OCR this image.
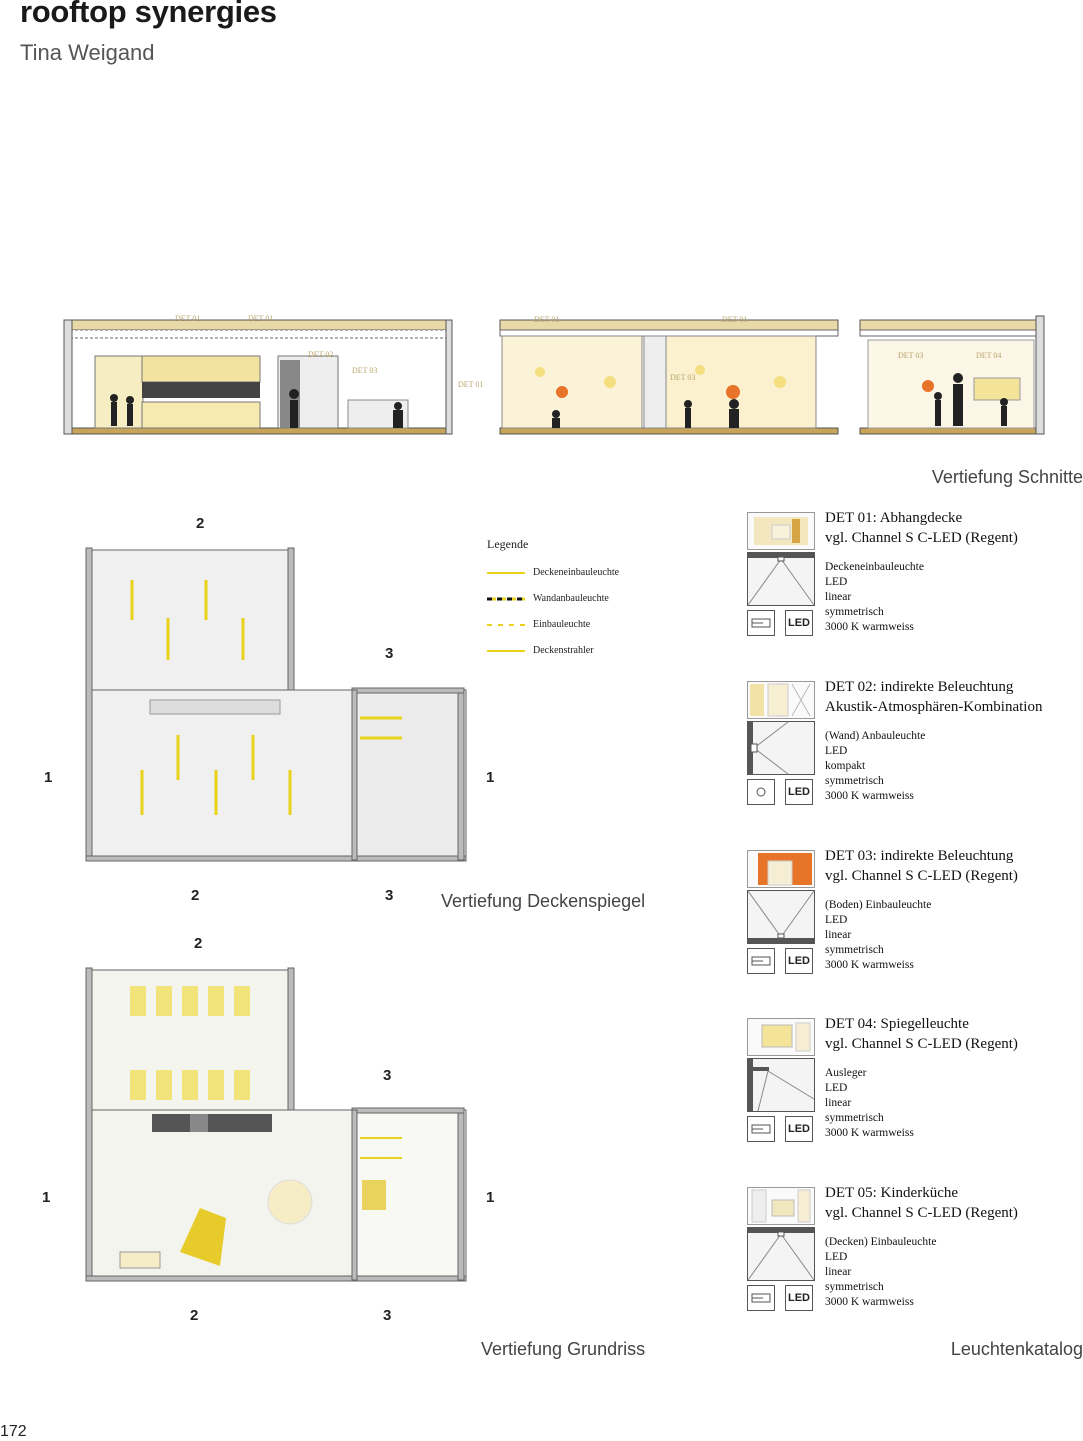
rooftop synergies
Tina Weigand
DET 01	DET 01
DET 02
DET 03
DET 01
DET 01	DET 01
DET 03
DET 03	DET 04
Vertiefung Schnitte
2
3
1	1
2	3	Vertiefung Deckenspiegel
Legende
Deckeneinbauleuchte
Wandanbauleuchte
Einbauleuchte
Deckenstrahler
2
3
1	1
2	3
Vertiefung Grundriss
LED
DET 01: Abhangdecke
vgl. Channel S C-LED (Regent)
Deckeneinbauleuchte
LED
linear
symmetrisch
3000 K warmweiss
LED
DET 02: indirekte Beleuchtung
Akustik-Atmosphären-Kombination
(Wand) Anbauleuchte
LED
kompakt
symmetrisch
3000 K warmweiss
LED
DET 03: indirekte Beleuchtung
vgl. Channel S C-LED (Regent)
(Boden) Einbauleuchte
LED
linear
symmetrisch
3000 K warmweiss
LED
DET 04: Spiegelleuchte
vgl. Channel S C-LED (Regent)
Ausleger
LED
linear
symmetrisch
3000 K warmweiss
LED
DET 05: Kinderküche
vgl. Channel S C-LED (Regent)
(Decken) Einbauleuchte
LED
linear
symmetrisch
3000 K warmweiss
Leuchtenkatalog
172
